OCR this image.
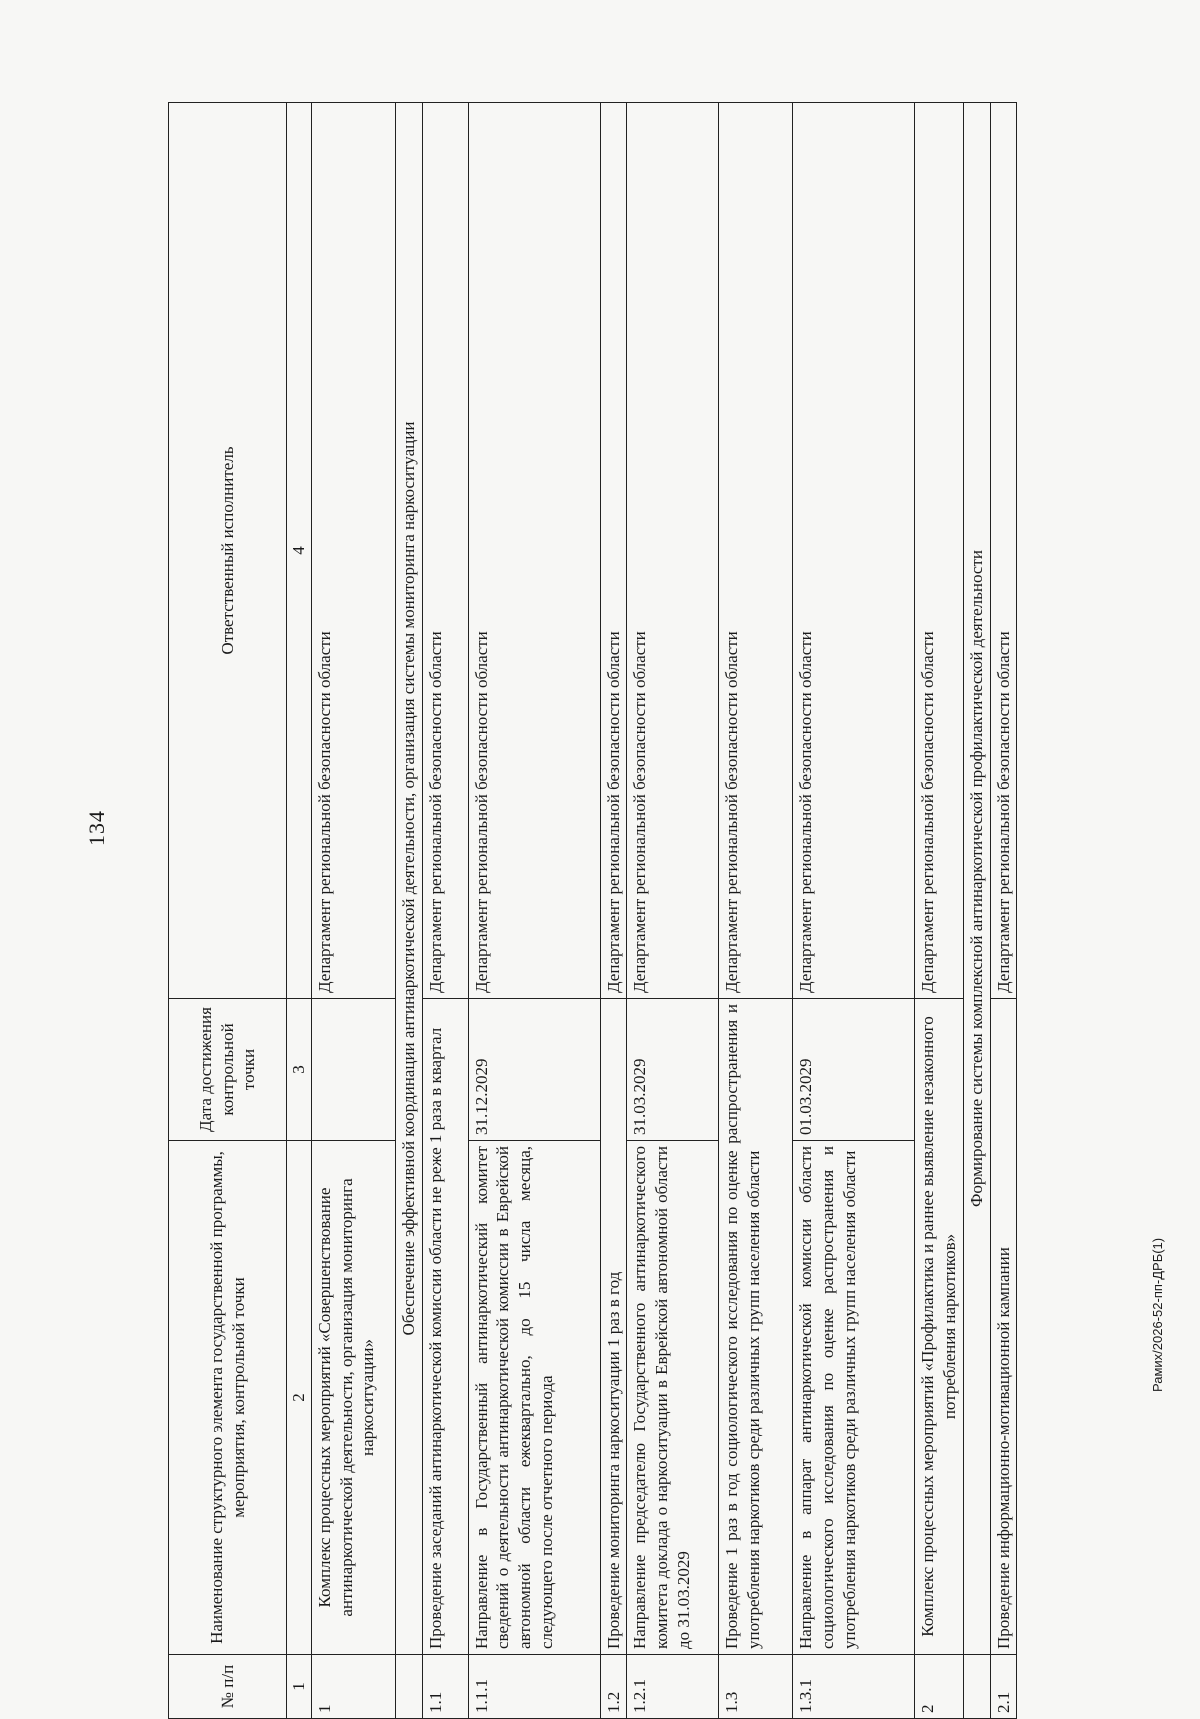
134
Рамих/2026-52-пп-ДРБ(1)
№ п/п	Наименование структурного элемента государственной программы, мероприятия, контрольной точки	Дата достижения контрольной точки	Ответственный исполнитель
1	2	3	4
1	Комплекс процессных мероприятий «Совершенствование антинаркотической деятельности, организация мониторинга наркоситуации»		Департамент региональной безопасности области
	Обеспечение эффективной координации антинаркотической деятельности, организация системы мониторинга наркоситуации		
1.1	Проведение заседаний антинаркотической комиссии области не реже 1 раза в квартал		Департамент региональной безопасности области
1.1.1	Направление в Государственный антинаркотический комитет сведений о деятельности антинаркотической комиссии в Еврейской автономной области ежеквартально, до 15 числа месяца, следующего после отчетного периода	31.12.2029	Департамент региональной безопасности области
1.2	Проведение мониторинга наркоситуации 1 раз в год		Департамент региональной безопасности области
1.2.1	Направление председателю Государственного антинаркотического комитета доклада о наркоситуации в Еврейской автономной области до 31.03.2029	31.03.2029	Департамент региональной безопасности области
1.3	Проведение 1 раз в год социологического исследования по оценке распространения и употребления наркотиков среди различных групп населения области		Департамент региональной безопасности области
1.3.1	Направление в аппарат антинаркотической комиссии области социологического исследования по оценке распространения и употребления наркотиков среди различных групп населения области	01.03.2029	Департамент региональной безопасности области
2	Комплекс процессных мероприятий «Профилактика и раннее выявление незаконного потребления наркотиков»		Департамент региональной безопасности области
	Формирование системы комплексной антинаркотической профилактической деятельности		
2.1	Проведение информационно-мотивационной кампании		Департамент региональной безопасности области
